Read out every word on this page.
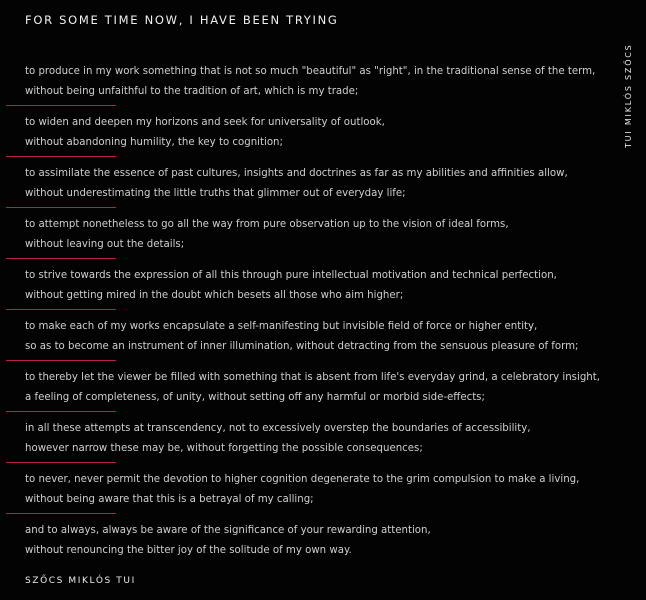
FOR SOME TIME NOW, I HAVE BEEN TRYING
TUI MIKLÓS SZŐCS
to produce in my work something that is not so much "beautiful" as "right", in the traditional sense of the term,
without being unfaithful to the tradition of art, which is my trade;
to widen and deepen my horizons and seek for universality of outlook,
without abandoning humility, the key to cognition;
to assimilate the essence of past cultures, insights and doctrines as far as my abilities and affinities allow,
without underestimating the little truths that glimmer out of everyday life;
to attempt nonetheless to go all the way from pure observation up to the vision of ideal forms,
without leaving out the details;
to strive towards the expression of all this through pure intellectual motivation and technical perfection,
without getting mired in the doubt which besets all those who aim higher;
to make each of my works encapsulate a self-manifesting but invisible field of force or higher entity,
so as to become an instrument of inner illumination, without detracting from the sensuous pleasure of form;
to thereby let the viewer be filled with something that is absent from life's everyday grind, a celebratory insight,
a feeling of completeness, of unity, without setting off any harmful or morbid side-effects;
in all these attempts at transcendency, not to excessively overstep the boundaries of accessibility,
however narrow these may be, without forgetting the possible consequences;
to never, never permit the devotion to higher cognition degenerate to the grim compulsion to make a living,
without being aware that this is a betrayal of my calling;
and to always, always be aware of the significance of your rewarding attention,
without renouncing the bitter joy of the solitude of my own way.
SZŐCS MIKLÓS TUI
